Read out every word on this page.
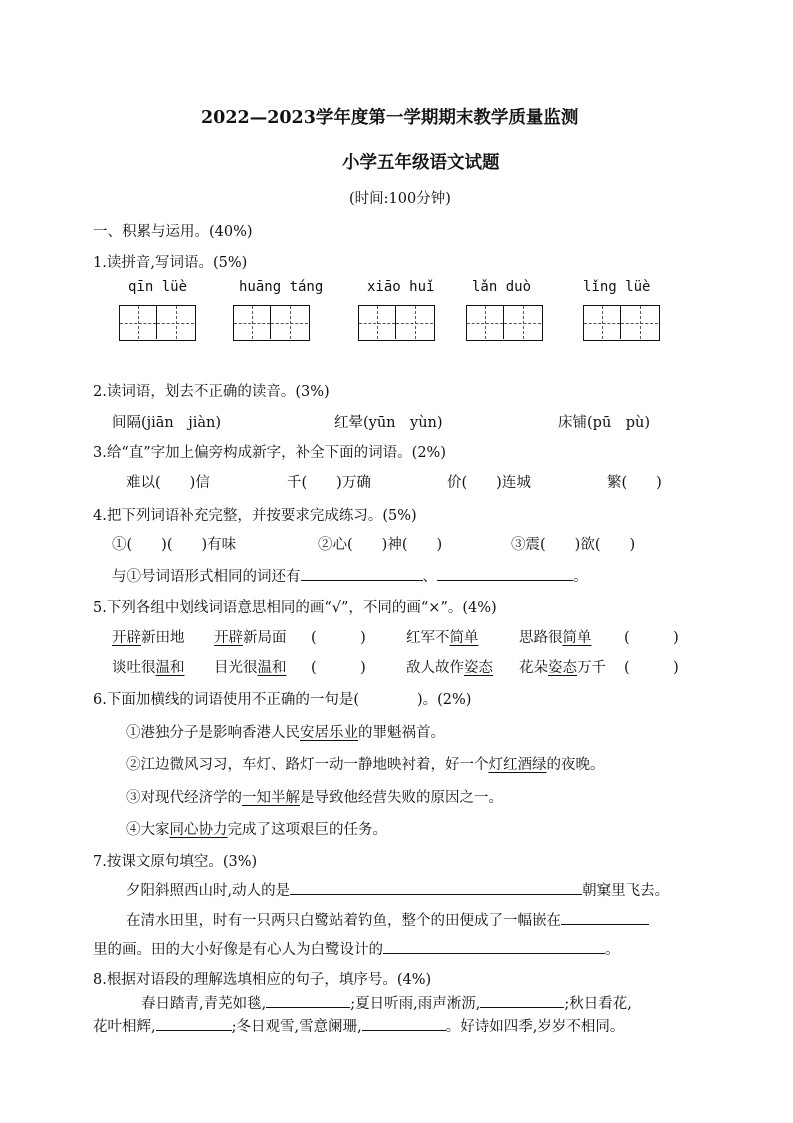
2022—2023学年度第一学期期末教学质量监测
小学五年级语文试题
(时间:100分钟)
一、积累与运用。(40%)
1.读拼音,写词语。(5%)
qīn lüè	huāng táng	xiāo huǐ	lǎn duò	lǐng lüè
2.读词语，划去不正确的读音。(3%)
间隔(jiān　jiàn)	红晕(yūn　yùn)	床铺(pū　pù)
3.给“直”字加上偏旁构成新字，补全下面的词语。(2%)
难以(　　)信	千(　　)万确	价(　　)连城	繁(　　)
4.把下列词语补充完整，并按要求完成练习。(5%)
①(　　)(　　)有味	②心(　　)神(　　)	③震(　　)欲(　　)
与①号词语形式相同的词还有	、	。
5.下列各组中划线词语意思相同的画“√”，不同的画“×”。(4%)
开辟新田地 开辟新局面 (　　　)	红军不简单	思路很简单 (　　　)
谈吐很温和 目光很温和 (　　　)	敌人故作姿态 花朵姿态万千 (　　　)
6.下面加横线的词语使用不正确的一句是(　　　　)。(2%)
①港独分子是影响香港人民安居乐业的罪魁祸首。
②江边微风习习，车灯、路灯一动一静地映衬着，好一个灯红酒绿的夜晚。
③对现代经济学的一知半解是导致他经营失败的原因之一。
④大家同心协力完成了这项艰巨的任务。
7.按课文原句填空。(3%)
夕阳斜照西山时,动人的是	朝窠里飞去。
在清水田里，时有一只两只白鹭站着钓鱼，整个的田便成了一幅嵌在
里的画。田的大小好像是有心人为白鹭设计的	。
8.根据对语段的理解选填相应的句子，填序号。(4%)
春日踏青,青芜如毯,	;夏日听雨,雨声淅沥,	;秋日看花,
花叶相辉,	;冬日观雪,雪意阑珊,	。好诗如四季,岁岁不相同。
